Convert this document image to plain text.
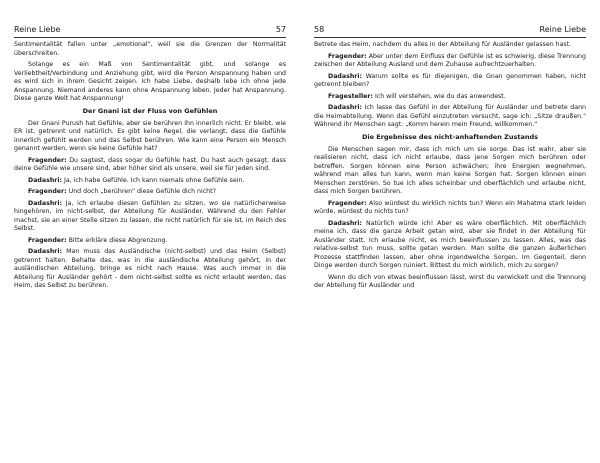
Reine Liebe	57

Sentimentalität fallen unter „emotional", weil sie die Grenzen der Normalität überschreiten.

Solange es ein Maß von Sentimentalität gibt, und solange es Verliebtheit/Verbindung und Anziehung gibt, wird die Person Anspannung haben und es wird sich in ihrem Gesicht zeigen. Ich habe Liebe, deshalb lebe ich ohne jede Anspannung. Niemand anderes kann ohne Anspannung leben. Jeder hat Anspannung. Diese ganze Welt hat Anspannung!

Der Gnani ist der Fluss von Gefühlen

Der Gnani Purush hat Gefühle, aber sie berühren ihn innerlich nicht. Er bleibt, wie ER ist, getrennt und natürlich. Es gibt keine Regel, die verlangt, dass die Gefühle innerlich gefühlt werden und das Selbst berühren. Wie kann eine Person ein Mensch genannt werden, wenn sie keine Gefühle hat?

Fragender: Du sagtest, dass sogar du Gefühle hast. Du hast auch gesagt, dass deine Gefühle wie unsere sind, aber höher sind als unsere, weil sie für jeden sind.

Dadashri: Ja, ich habe Gefühle. Ich kann niemals ohne Gefühle sein.

Fragender: Und doch „berühren" diese Gefühle dich nicht?

Dadashri: Ja, ich erlaube diesen Gefühlen zu sitzen, wo sie natürlicherweise hingehören, im nicht-selbst, der Abteilung für Ausländer. Während du den Fehler machst, sie an einer Stelle sitzen zu lassen, die nicht natürlich für sie ist, im Reich des Selbst.

Fragender: Bitte erkläre diese Abgrenzung.

Dadashri: Man muss das Ausländische (nicht-selbst) und das Heim (Selbst) getrennt halten. Behalte das, was in die ausländische Abteilung gehört, in der ausländischen Abteilung, bringe es nicht nach Hause. Was auch immer in die Abteilung für Ausländer gehört - dem nicht-selbst sollte es nicht erlaubt werden, das Heim, das Selbst zu berühren.

58	Reine Liebe

Betrete das Heim, nachdem du alles in der Abteilung für Ausländer gelassen hast.

Fragender: Aber unter dem Einfluss der Gefühle ist es schwierig, diese Trennung zwischen der Abteilung Ausland und dem Zuhause aufrechtzuerhalten.

Dadashri: Warum sollte es für diejenigen, die Gnan genommen haben, nicht getrennt bleiben?

Fragesteller: Ich will verstehen, wie du das anwendest.

Dadashri: Ich lasse das Gefühl in der Abteilung für Ausländer und betrete dann die Heimabteilung. Wenn das Gefühl einzutreten versucht, sage ich: „Sitze draußen." Während ihr Menschen sagt: „Komm herein mein Freund, willkommen."

Die Ergebnisse des nicht-anhaftenden Zustands

Die Menschen sagen mir, dass ich mich um sie sorge. Das ist wahr, aber sie realisieren nicht, dass ich nicht erlaube, dass jene Sorgen mich berühren oder betreffen. Sorgen können eine Person schwächen; ihre Energien wegnehmen, während man alles tun kann, wenn man keine Sorgen hat. Sorgen können einen Menschen zerstören. So tue ich alles scheinbar und oberflächlich und erlaube nicht, dass mich Sorgen berühren.

Fragender: Also würdest du wirklich nichts tun? Wenn ein Mahatma stark leiden würde, würdest du nichts tun?

Dadashri: Natürlich würde ich! Aber es wäre oberflächlich. Mit oberflächlich meine ich, dass die ganze Arbeit getan wird, aber sie findet in der Abteilung für Ausländer statt. Ich erlaube nicht, es mich beeinflussen zu lassen. Alles, was das relative-selbst tun muss, sollte getan werden. Man sollte die ganzen äußerlichen Prozesse stattfinden lassen, aber ohne irgendwelche Sorgen. Im Gegenteil, denn Dinge werden durch Sorgen ruiniert. Bittest du mich wirklich, mich zu sorgen?

Wenn du dich von etwas beeinflussen lässt, wirst du verwickelt und die Trennung der Abteilung für Ausländer und
